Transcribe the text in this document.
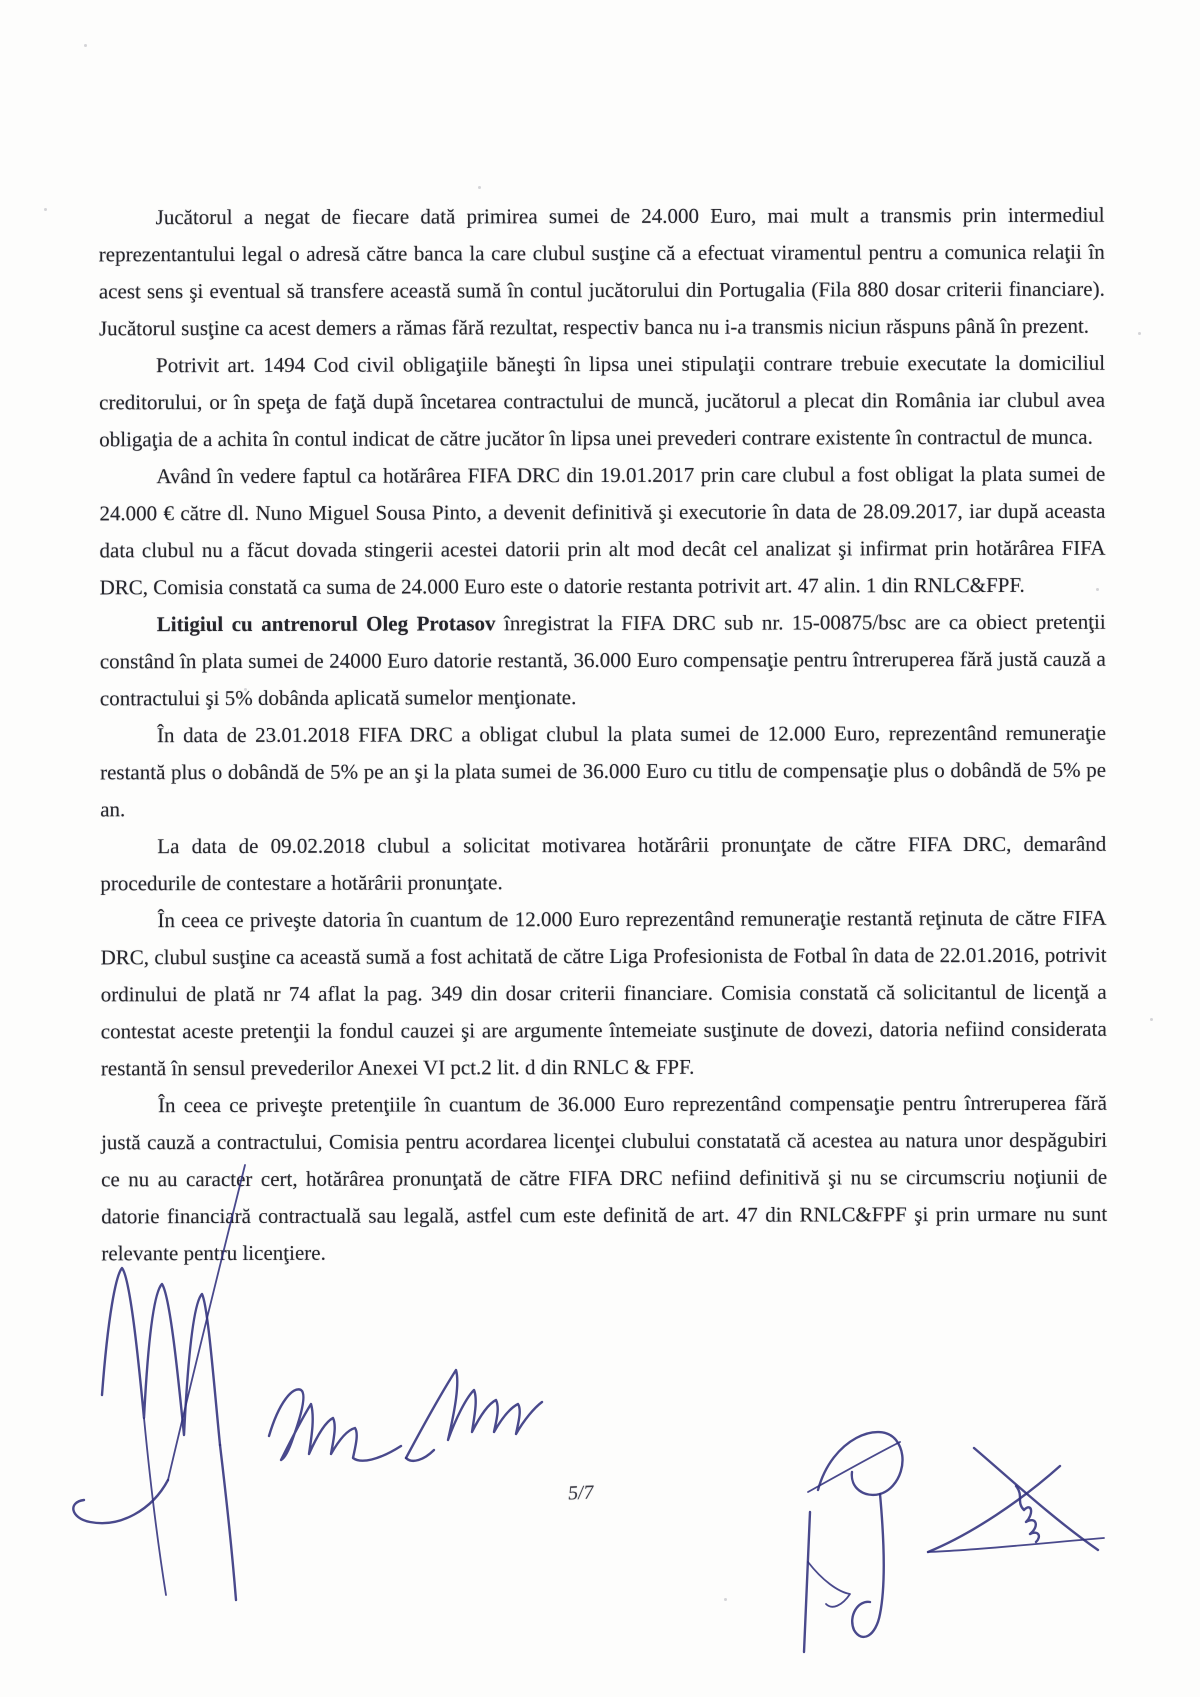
Jucătorul a negat de fiecare dată primirea sumei de 24.000 Euro, mai mult a transmis prin intermediul reprezentantului legal o adresă către banca la care clubul susţine că a efectuat viramentul pentru a comunica relaţii în acest sens şi eventual să transfere această sumă în contul jucătorului din Portugalia (Fila 880 dosar criterii financiare). Jucătorul susţine ca acest demers a rămas fără rezultat, respectiv banca nu i-a transmis niciun răspuns până în prezent.

Potrivit art. 1494 Cod civil obligaţiile băneşti în lipsa unei stipulaţii contrare trebuie executate la domiciliul creditorului, or în speţa de faţă după încetarea contractului de muncă, jucătorul a plecat din România iar clubul avea obligaţia de a achita în contul indicat de către jucător în lipsa unei prevederi contrare existente în contractul de munca.

Având în vedere faptul ca hotărârea FIFA DRC din 19.01.2017 prin care clubul a fost obligat la plata sumei de 24.000 € către dl. Nuno Miguel Sousa Pinto, a devenit definitivă şi executorie în data de 28.09.2017, iar după aceasta data clubul nu a făcut dovada stingerii acestei datorii prin alt mod decât cel analizat şi infirmat prin hotărârea FIFA DRC, Comisia constată ca suma de 24.000 Euro este o datorie restanta potrivit art. 47 alin. 1 din RNLC&FPF.

Litigiul cu antrenorul Oleg Protasov înregistrat la FIFA DRC sub nr. 15-00875/bsc are ca obiect pretenţii constând în plata sumei de 24000 Euro datorie restantă, 36.000 Euro compensaţie pentru întreruperea fără justă cauză a contractului şi 5% dobânda aplicată sumelor menţionate.

În data de 23.01.2018 FIFA DRC a obligat clubul la plata sumei de 12.000 Euro, reprezentând remuneraţie restantă plus o dobândă de 5% pe an şi la plata sumei de 36.000 Euro cu titlu de compensaţie plus o dobândă de 5% pe an.

La data de 09.02.2018 clubul a solicitat motivarea hotărârii pronunţate de către FIFA DRC, demarând procedurile de contestare a hotărârii pronunţate.

În ceea ce priveşte datoria în cuantum de 12.000 Euro reprezentând remuneraţie restantă reţinuta de către FIFA DRC, clubul susţine ca această sumă a fost achitată de către Liga Profesionista de Fotbal în data de 22.01.2016, potrivit ordinului de plată nr 74 aflat la pag. 349 din dosar criterii financiare. Comisia constată că solicitantul de licenţă a contestat aceste pretenţii la fondul cauzei şi are argumente întemeiate susţinute de dovezi, datoria nefiind considerata restantă în sensul prevederilor Anexei VI pct.2 lit. d din RNLC & FPF.

În ceea ce priveşte pretenţiile în cuantum de 36.000 Euro reprezentând compensaţie pentru întreruperea fără justă cauză a contractului, Comisia pentru acordarea licenţei clubului constatată că acestea au natura unor despăgubiri ce nu au caracter cert, hotărârea pronunţată de către FIFA DRC nefiind definitivă şi nu se circumscriu noţiunii de datorie financiară contractuală sau legală, astfel cum este definită de art. 47 din RNLC&FPF şi prin urmare nu sunt relevante pentru licenţiere.

5/7
